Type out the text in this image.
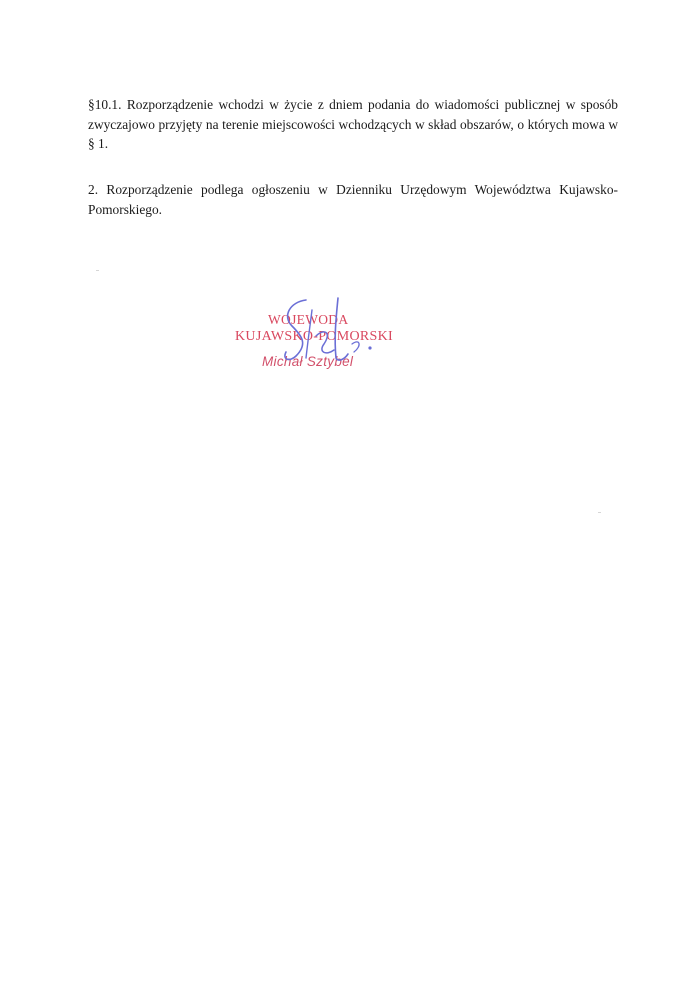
§10.1. Rozporządzenie wchodzi w życie z dniem podania do wiadomości publicznej w sposób zwyczajowo przyjęty na terenie miejscowości wchodzących w skład obszarów, o których mowa w § 1.

2. Rozporządzenie podlega ogłoszeniu w Dzienniku Urzędowym Województwa Kujawsko-Pomorskiego.

WOJEWODA
KUJAWSKO-POMORSKI
Michał Sztybel
